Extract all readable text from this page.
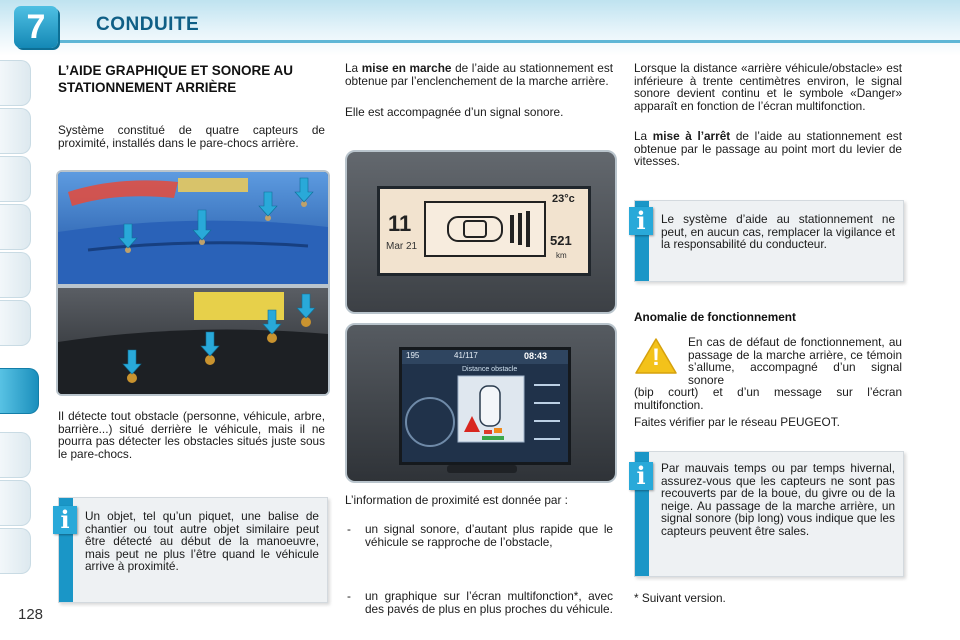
7	CONDUITE
128
L’AIDE GRAPHIQUE ET SONORE AU STATIONNEMENT ARRIÈRE

Système constitué de quatre capteurs de proximité, installés dans le pare-chocs arrière.

Il détecte tout obstacle (personne, véhicule, arbre, barrière...) situé derrière le véhicule, mais il ne pourra pas détecter les obstacles situés juste sous le pare-chocs.

i	Un objet, tel qu’un piquet, une balise de chantier ou tout autre objet similaire peut être détecté au début de la manoeuvre, mais peut ne plus l’être quand le véhicule arrive à proximité.

La mise en marche de l’aide au stationnement est obtenue par l’enclenchement de la marche arrière.

Elle est accompagnée d’un signal sonore.

11
Mar 21
23°c
521
km
195	41/117	08:43
Distance obstacle

L’information de proximité est donnée par :

- un signal sonore, d’autant plus rapide que le véhicule se rapproche de l’obstacle,

- un graphique sur l’écran multifonction*, avec des pavés de plus en plus proches du véhicule.

Lorsque la distance «arrière véhicule/obstacle» est inférieure à trente centimètres environ, le signal sonore devient continu et le symbole «Danger» apparaît en fonction de l’écran multifonction.

La mise à l’arrêt de l’aide au stationnement est obtenue par le passage au point mort du levier de vitesses.

i	Le système d’aide au stationnement ne peut, en aucun cas, remplacer la vigilance et la responsabilité du conducteur.

Anomalie de fonctionnement
!

En cas de défaut de fonctionnement, au passage de la marche arrière, ce témoin s’allume, accompagné d’un signal sonore

(bip court) et d’un message sur l’écran multifonction.

Faites vérifier par le réseau PEUGEOT.

i	Par mauvais temps ou par temps hivernal, assurez-vous que les capteurs ne sont pas recouverts par de la boue, du givre ou de la neige. Au passage de la marche arrière, un signal sonore (bip long) vous indique que les capteurs peuvent être sales.

* Suivant version.
